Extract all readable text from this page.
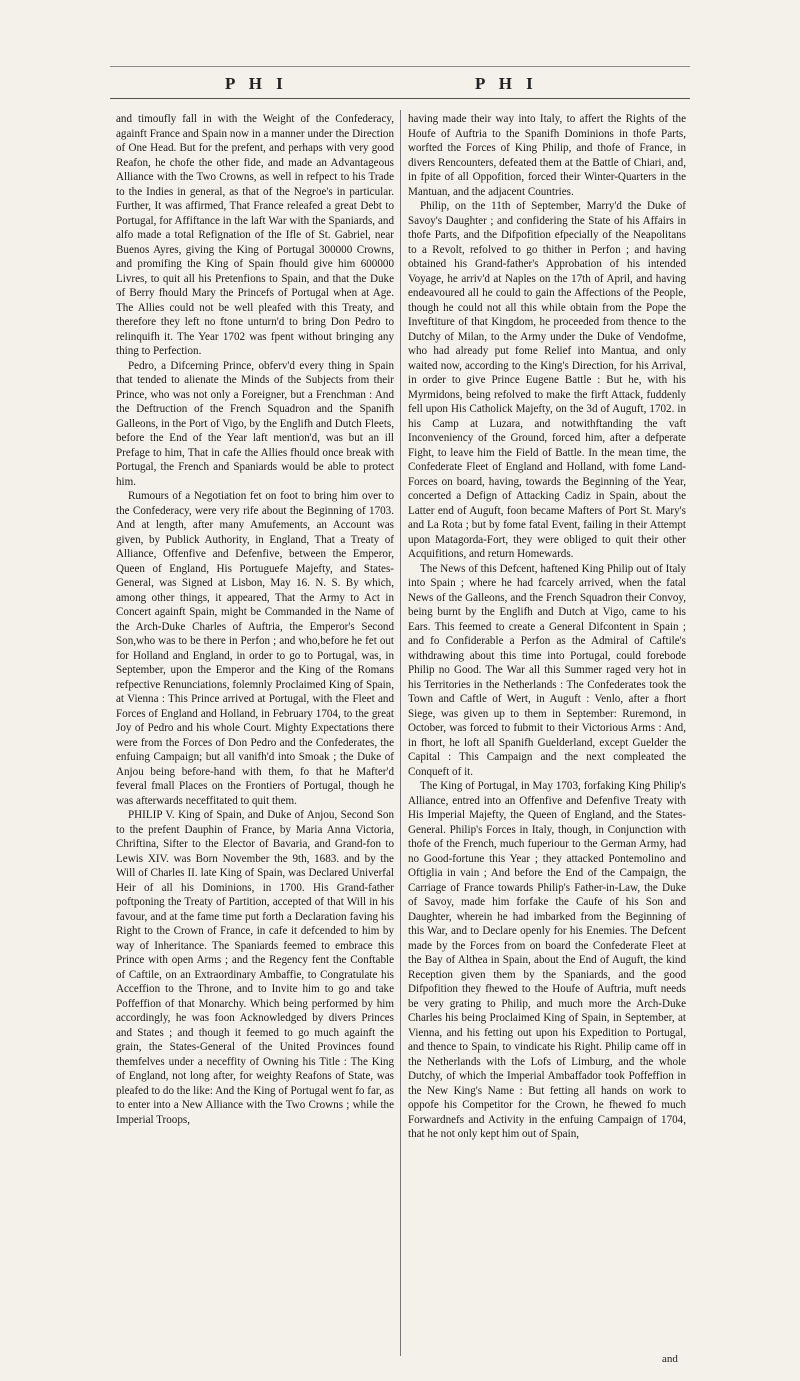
P H I	P H I

and timoufly fall in with the Weight of the Confederacy, againft France and Spain now in a manner under the Direction of One Head. But for the prefent, and perhaps with very good Reafon, he chofe the other fide, and made an Advantageous Alliance with the Two Crowns, as well in refpect to his Trade to the Indies in general, as that of the Negroe's in particular. Further, It was affirmed, That France releafed a great Debt to Portugal, for Affiftance in the laft War with the Spaniards, and alfo made a total Refignation of the Ifle of St. Gabriel, near Buenos Ayres, giving the King of Portugal 300000 Crowns, and promifing the King of Spain fhould give him 600000 Livres, to quit all his Pretenfions to Spain, and that the Duke of Berry fhould Mary the Princefs of Portugal when at Age. The Allies could not be well pleafed with this Treaty, and therefore they left no ftone unturn'd to bring Don Pedro to relinquifh it. The Year 1702 was fpent without bringing any thing to Perfection.

Pedro, a Difcerning Prince, obferv'd every thing in Spain that tended to alienate the Minds of the Subjects from their Prince, who was not only a Foreigner, but a Frenchman : And the Deftruction of the French Squadron and the Spanifh Galleons, in the Port of Vigo, by the Englifh and Dutch Fleets, before the End of the Year laft mention'd, was but an ill Prefage to him, That in cafe the Allies fhould once break with Portugal, the French and Spaniards would be able to protect him.

Rumours of a Negotiation fet on foot to bring him over to the Confederacy, were very rife about the Beginning of 1703. And at length, after many Amufements, an Account was given, by Publick Authority, in England, That a Treaty of Alliance, Offenfive and Defenfive, between the Emperor, Queen of England, His Portuguefe Majefty, and States-General, was Signed at Lisbon, May 16. N. S. By which, among other things, it appeared, That the Army to Act in Concert againft Spain, might be Commanded in the Name of the Arch-Duke Charles of Auftria, the Emperor's Second Son,who was to be there in Perfon ; and who,before he fet out for Holland and England, in order to go to Portugal, was, in September, upon the Emperor and the King of the Romans refpective Renunciations, folemnly Proclaimed King of Spain, at Vienna : This Prince arrived at Portugal, with the Fleet and Forces of England and Holland, in February 1704, to the great Joy of Pedro and his whole Court. Mighty Expectations there were from the Forces of Don Pedro and the Confederates, the enfuing Campaign; but all vanifh'd into Smoak ; the Duke of Anjou being before-hand with them, fo that he Mafter'd feveral fmall Places on the Frontiers of Portugal, though he was afterwards neceffitated to quit them.

PHILIP V. King of Spain, and Duke of Anjou, Second Son to the prefent Dauphin of France, by Maria Anna Victoria, Chriftina, Sifter to the Elector of Bavaria, and Grand-fon to Lewis XIV. was Born November the 9th, 1683. and by the Will of Charles II. late King of Spain, was Declared Univerfal Heir of all his Dominions, in 1700. His Grand-father poftponing the Treaty of Partition, accepted of that Will in his favour, and at the fame time put forth a Declaration faving his Right to the Crown of France, in cafe it defcended to him by way of Inheritance. The Spaniards feemed to embrace this Prince with open Arms ; and the Regency fent the Conftable of Caftile, on an Extraordinary Ambaffie, to Congratulate his Acceffion to the Throne, and to Invite him to go and take Poffeffion of that Monarchy. Which being performed by him accordingly, he was foon Acknowledged by divers Princes and States ; and though it feemed to go much againft the grain, the States-General of the United Provinces found themfelves under a neceffity of Owning his Title : The King of England, not long after, for weighty Reafons of State, was pleafed to do the like: And the King of Portugal went fo far, as to enter into a New Alliance with the Two Crowns ; while the Imperial Troops,

having made their way into Italy, to affert the Rights of the Houfe of Auftria to the Spanifh Dominions in thofe Parts, worfted the Forces of King Philip, and thofe of France, in divers Rencounters, defeated them at the Battle of Chiari, and, in fpite of all Oppofition, forced their Winter-Quarters in the Mantuan, and the adjacent Countries.

Philip, on the 11th of September, Marry'd the Duke of Savoy's Daughter ; and confidering the State of his Affairs in thofe Parts, and the Difpofition efpecially of the Neapolitans to a Revolt, refolved to go thither in Perfon ; and having obtained his Grand-father's Approbation of his intended Voyage, he arriv'd at Naples on the 17th of April, and having endeavoured all he could to gain the Affections of the People, though he could not all this while obtain from the Pope the Inveftiture of that Kingdom, he proceeded from thence to the Dutchy of Milan, to the Army under the Duke of Vendofme, who had already put fome Relief into Mantua, and only waited now, according to the King's Direction, for his Arrival, in order to give Prince Eugene Battle : But he, with his Myrmidons, being refolved to make the firft Attack, fuddenly fell upon His Catholick Majefty, on the 3d of Auguft, 1702. in his Camp at Luzara, and notwithftanding the vaft Inconveniency of the Ground, forced him, after a defperate Fight, to leave him the Field of Battle. In the mean time, the Confederate Fleet of England and Holland, with fome Land-Forces on board, having, towards the Beginning of the Year, concerted a Defign of Attacking Cadiz in Spain, about the Latter end of Auguft, foon became Mafters of Port St. Mary's and La Rota ; but by fome fatal Event, failing in their Attempt upon Matagorda-Fort, they were obliged to quit their other Acquifitions, and return Homewards.

The News of this Defcent, haftened King Philip out of Italy into Spain ; where he had fcarcely arrived, when the fatal News of the Galleons, and the French Squadron their Convoy, being burnt by the Englifh and Dutch at Vigo, came to his Ears. This feemed to create a General Difcontent in Spain ; and fo Confiderable a Perfon as the Admiral of Caftile's withdrawing about this time into Portugal, could forebode Philip no Good. The War all this Summer raged very hot in his Territories in the Netherlands : The Confederates took the Town and Caftle of Wert, in Auguft : Venlo, after a fhort Siege, was given up to them in September: Ruremond, in October, was forced to fubmit to their Victorious Arms : And, in fhort, he loft all Spanifh Guelderland, except Guelder the Capital : This Campaign and the next compleated the Conqueft of it.

The King of Portugal, in May 1703, forfaking King Philip's Alliance, entred into an Offenfive and Defenfive Treaty with His Imperial Majefty, the Queen of England, and the States-General. Philip's Forces in Italy, though, in Conjunction with thofe of the French, much fuperiour to the German Army, had no Good-fortune this Year ; they attacked Pontemolino and Oftiglia in vain ; And before the End of the Campaign, the Carriage of France towards Philip's Father-in-Law, the Duke of Savoy, made him forfake the Caufe of his Son and Daughter, wherein he had imbarked from the Beginning of this War, and to Declare openly for his Enemies. The Defcent made by the Forces from on board the Confederate Fleet at the Bay of Althea in Spain, about the End of Auguft, the kind Reception given them by the Spaniards, and the good Difpofition they fhewed to the Houfe of Auftria, muft needs be very grating to Philip, and much more the Arch-Duke Charles his being Proclaimed King of Spain, in September, at Vienna, and his fetting out upon his Expedition to Portugal, and thence to Spain, to vindicate his Right. Philip came off in the Netherlands with the Lofs of Limburg, and the whole Dutchy, of which the Imperial Ambaffador took Poffeffion in the New King's Name : But fetting all hands on work to oppofe his Competitor for the Crown, he fhewed fo much Forwardnefs and Activity in the enfuing Campaign of 1704, that he not only kept him out of Spain,

and
